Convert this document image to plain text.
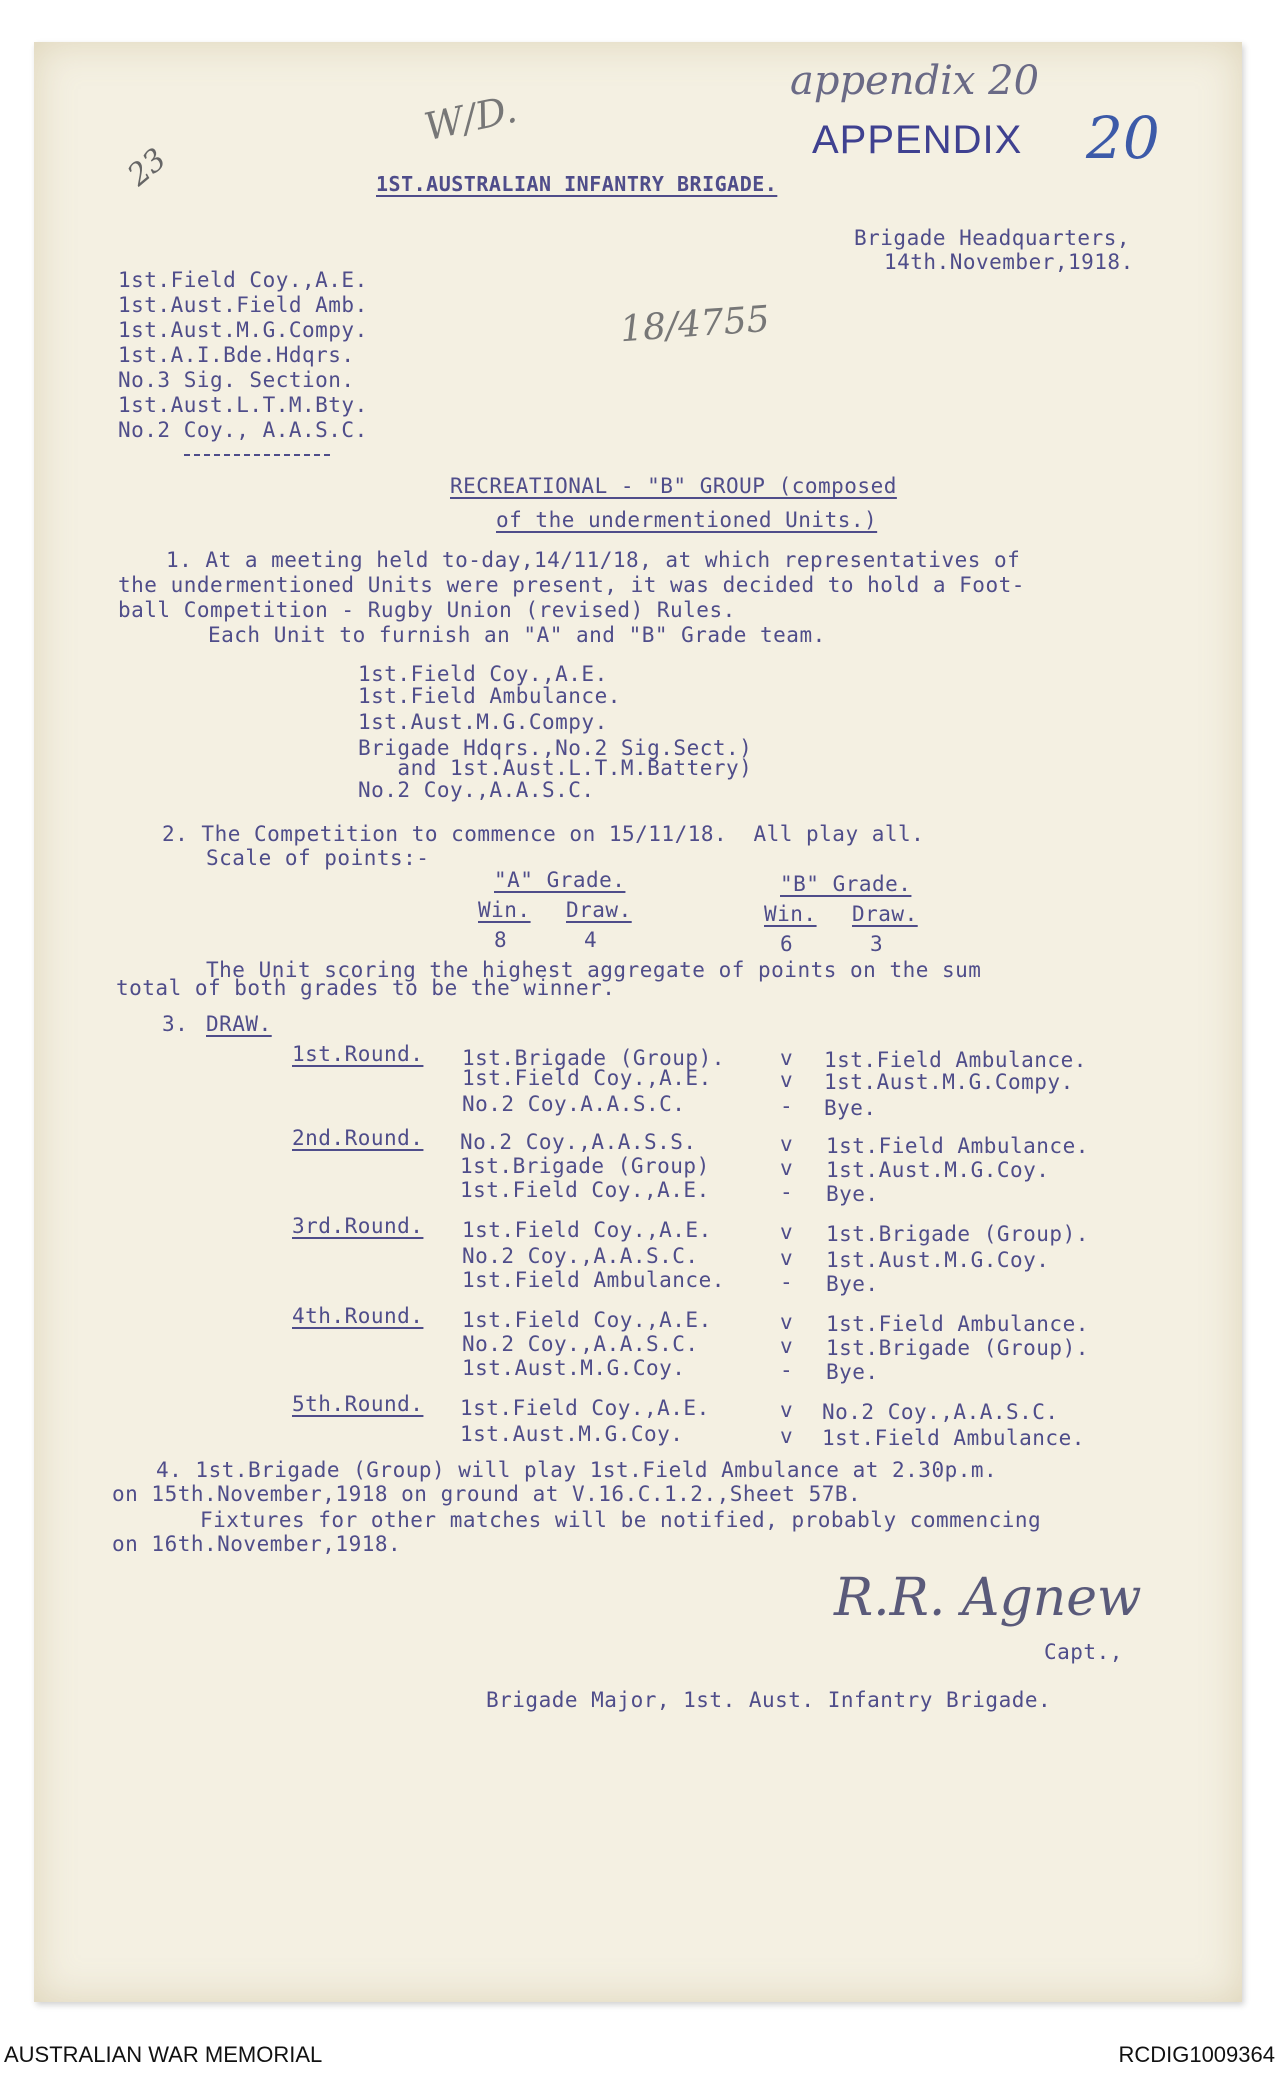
appendix 20
APPENDIX 20
W/D.
23
18/4755
1ST.AUSTRALIAN INFANTRY BRIGADE.
Brigade Headquarters,
14th.November,1918.
1st.Field Coy.,A.E.
1st.Aust.Field Amb.
1st.Aust.M.G.Compy.
1st.A.I.Bde.Hdqrs.
No.3 Sig. Section.
1st.Aust.L.T.M.Bty.
No.2 Coy., A.A.S.C.
RECREATIONAL - "B" GROUP (composed
of the undermentioned Units.)
1. At a meeting held to-day,14/11/18, at which representatives of
the undermentioned Units were present, it was decided to hold a Foot-
ball Competition - Rugby Union (revised) Rules.
Each Unit to furnish an "A" and "B" Grade team.
1st.Field Coy.,A.E.
1st.Field Ambulance.
1st.Aust.M.G.Compy.
Brigade Hdqrs.,No.2 Sig.Sect.)
and 1st.Aust.L.T.M.Battery)
No.2 Coy.,A.A.S.C.
2. The Competition to commence on 15/11/18.  All play all.
Scale of points:-
"A" Grade.	"B" Grade.
Win. Draw.	Win. Draw.
8	4	6	3
The Unit scoring the highest aggregate of points on the sum
total of both grades to be the winner.
3. DRAW.
1st.Round. 1st.Brigade (Group).	v 1st.Field Ambulance.
1st.Field Coy.,A.E.	v 1st.Aust.M.G.Compy.
No.2 Coy.A.A.S.C.	- Bye.
2nd.Round. No.2 Coy.,A.A.S.S.	v 1st.Field Ambulance.
1st.Brigade (Group)	v 1st.Aust.M.G.Coy.
1st.Field Coy.,A.E.	- Bye.
3rd.Round. 1st.Field Coy.,A.E.	v 1st.Brigade (Group).
No.2 Coy.,A.A.S.C.	v 1st.Aust.M.G.Coy.
1st.Field Ambulance.	- Bye.
4th.Round. 1st.Field Coy.,A.E.	v 1st.Field Ambulance.
No.2 Coy.,A.A.S.C.	v 1st.Brigade (Group).
1st.Aust.M.G.Coy.	- Bye.
5th.Round. 1st.Field Coy.,A.E.	v No.2 Coy.,A.A.S.C.
1st.Aust.M.G.Coy.	v 1st.Field Ambulance.
4. 1st.Brigade (Group) will play 1st.Field Ambulance at 2.30p.m.
on 15th.November,1918 on ground at V.16.C.1.2.,Sheet 57B.
Fixtures for other matches will be notified, probably commencing
on 16th.November,1918.
R.R. Agnew
Capt.,
Brigade Major, 1st. Aust. Infantry Brigade.
AUSTRALIAN WAR MEMORIAL	RCDIG1009364
